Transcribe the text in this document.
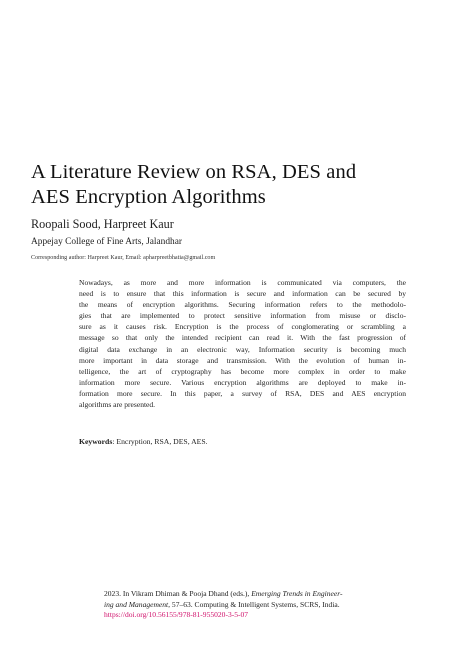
A Literature Review on RSA, DES and
AES Encryption Algorithms
Roopali Sood, Harpreet Kaur
Appejay College of Fine Arts, Jalandhar
Corresponding author: Harpreet Kaur, Email: apharpreetbhatia@gmail.com
Nowadays, as more and more information is communicated via computers, the
need is to ensure that this information is secure and information can be secured by
the means of encryption algorithms. Securing information refers to the methodolo-
gies that are implemented to protect sensitive information from misuse or disclo-
sure as it causes risk. Encryption is the process of conglomerating or scrambling a
message so that only the intended recipient can read it. With the fast progression of
digital data exchange in an electronic way, Information security is becoming much
more important in data storage and transmission. With the evolution of human in-
telligence, the art of cryptography has become more complex in order to make
information more secure. Various encryption algorithms are deployed to make in-
formation more secure. In this paper, a survey of RSA, DES and AES encryption
algorithms are presented.
Keywords: Encryption, RSA, DES, AES.
2023. In Vikram Dhiman & Pooja Dhand (eds.), Emerging Trends in Engineer-
ing and Management, 57–63. Computing & Intelligent Systems, SCRS, India.
https://doi.org/10.56155/978-81-955020-3-5-07
